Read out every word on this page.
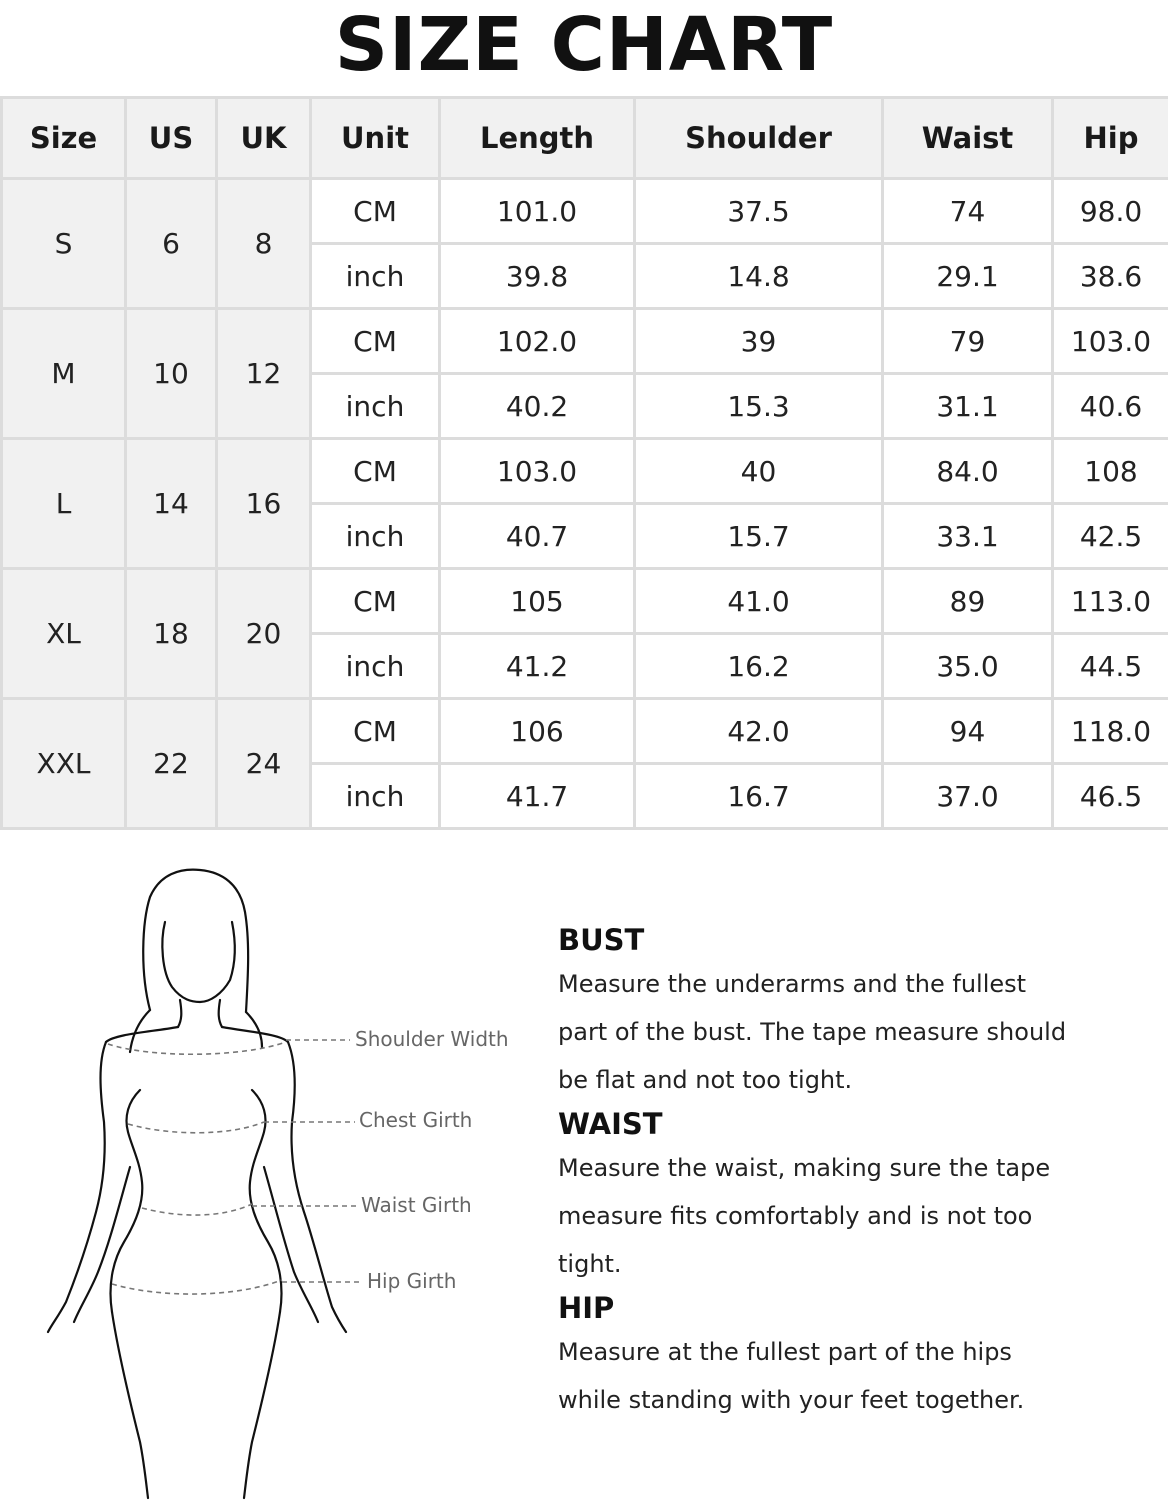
SIZE CHART
Size	US	UK	Unit	Length	Shoulder	Waist	Hip
S	6	8	CM	101.0	37.5	74	98.0
			inch	39.8	14.8	29.1	38.6
M	10	12	CM	102.0	39	79	103.0
			inch	40.2	15.3	31.1	40.6
L	14	16	CM	103.0	40	84.0	108
			inch	40.7	15.7	33.1	42.5
XL	18	20	CM	105	41.0	89	113.0
			inch	41.2	16.2	35.0	44.5
XXL	22	24	CM	106	42.0	94	118.0
			inch	41.7	16.7	37.0	46.5
Shoulder Width
Chest Girth
Waist Girth
Hip Girth
BUST
Measure the underarms and the fullest
part of the bust. The tape measure should
be flat and not too tight.
WAIST
Measure the waist, making sure the tape
measure fits comfortably and is not too
tight.
HIP
Measure at the fullest part of the hips
while standing with your feet together.
